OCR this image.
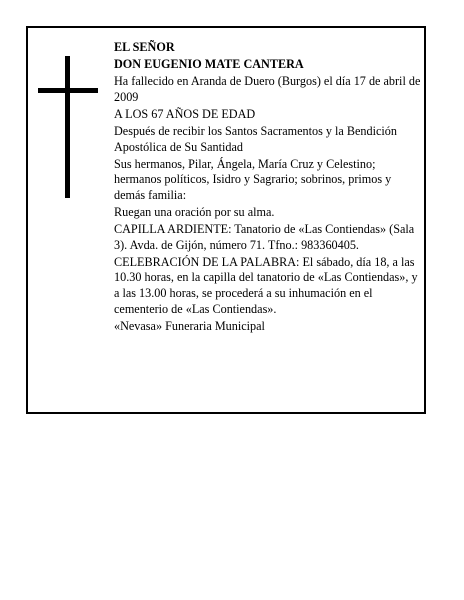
EL SEÑOR

DON EUGENIO MATE CANTERA

Ha fallecido en Aranda de Duero (Burgos) el día 17 de abril de 2009

A LOS 67 AÑOS DE EDAD

Después de recibir los Santos Sacramentos y la Bendición Apostólica de Su Santidad

Sus hermanos, Pilar, Ángela, María Cruz y Celestino; hermanos políticos, Isidro y Sagrario; sobrinos, primos y demás familia:

Ruegan una oración por su alma.

CAPILLA ARDIENTE: Tanatorio de «Las Contiendas» (Sala 3). Avda. de Gijón, número 71. Tfno.: 983360405.

CELEBRACIÓN DE LA PALABRA: El sábado, día 18, a las 10.30 horas, en la capilla del tanatorio de «Las Contiendas», y a las 13.00 horas, se procederá a su inhumación en el cementerio de «Las Contiendas».

«Nevasa» Funeraria Municipal
